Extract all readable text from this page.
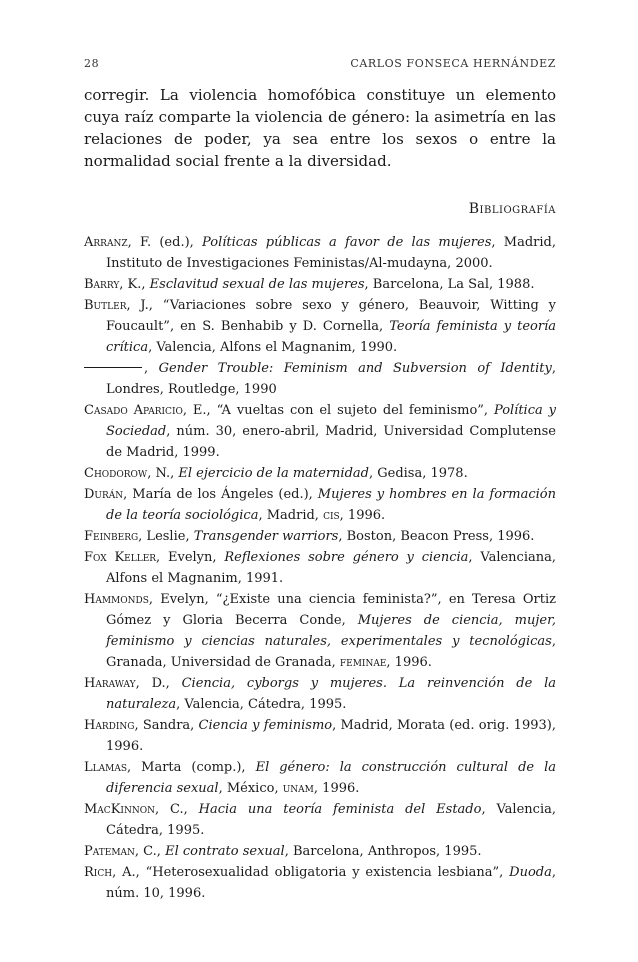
28	CARLOS FONSECA HERNÁNDEZ
corregir. La violencia homofóbica constituye un elemento cuya raíz comparte la violencia de género: la asimetría en las relaciones de poder, ya sea entre los sexos o entre la normalidad social frente a la diversidad.
Bibliografía
Arranz, F. (ed.), Políticas públicas a favor de las mujeres, Madrid, Instituto de Investigaciones Feministas/Al-mudayna, 2000.
Barry, K., Esclavitud sexual de las mujeres, Barcelona, La Sal, 1988.
Butler, J., “Variaciones sobre sexo y género, Beauvoir, Witting y Foucault”, en S. Benhabib y D. Cornella, Teoría feminista y teoría crítica, Valencia, Alfons el Magnanim, 1990.
, Gender Trouble: Feminism and Subversion of Identity, Londres, Routledge, 1990
Casado Aparicio, E., “A vueltas con el sujeto del feminismo”, Política y Sociedad, núm. 30, enero-abril, Madrid, Universidad Complutense de Madrid, 1999.
Chodorow, N., El ejercicio de la maternidad, Gedisa, 1978.
Durán, María de los Ángeles (ed.), Mujeres y hombres en la formación de la teoría sociológica, Madrid, cis, 1996.
Feinberg, Leslie, Transgender warriors, Boston, Beacon Press, 1996.
Fox Keller, Evelyn, Reflexiones sobre género y ciencia, Valenciana, Alfons el Magnanim, 1991.
Hammonds, Evelyn, “¿Existe una ciencia feminista?”, en Teresa Ortiz Gómez y Gloria Becerra Conde, Mujeres de ciencia, mujer, feminismo y ciencias naturales, experimentales y tecnológicas, Granada, Universidad de Granada, feminae, 1996.
Haraway, D., Ciencia, cyborgs y mujeres. La reinvención de la naturaleza, Valencia, Cátedra, 1995.
Harding, Sandra, Ciencia y feminismo, Madrid, Morata (ed. orig. 1993), 1996.
Llamas, Marta (comp.), El género: la construcción cultural de la diferencia sexual, México, unam, 1996.
MacKinnon, C., Hacia una teoría feminista del Estado, Valencia, Cátedra, 1995.
Pateman, C., El contrato sexual, Barcelona, Anthropos, 1995.
Rich, A., “Heterosexualidad obligatoria y existencia lesbiana”, Duoda, núm. 10, 1996.
